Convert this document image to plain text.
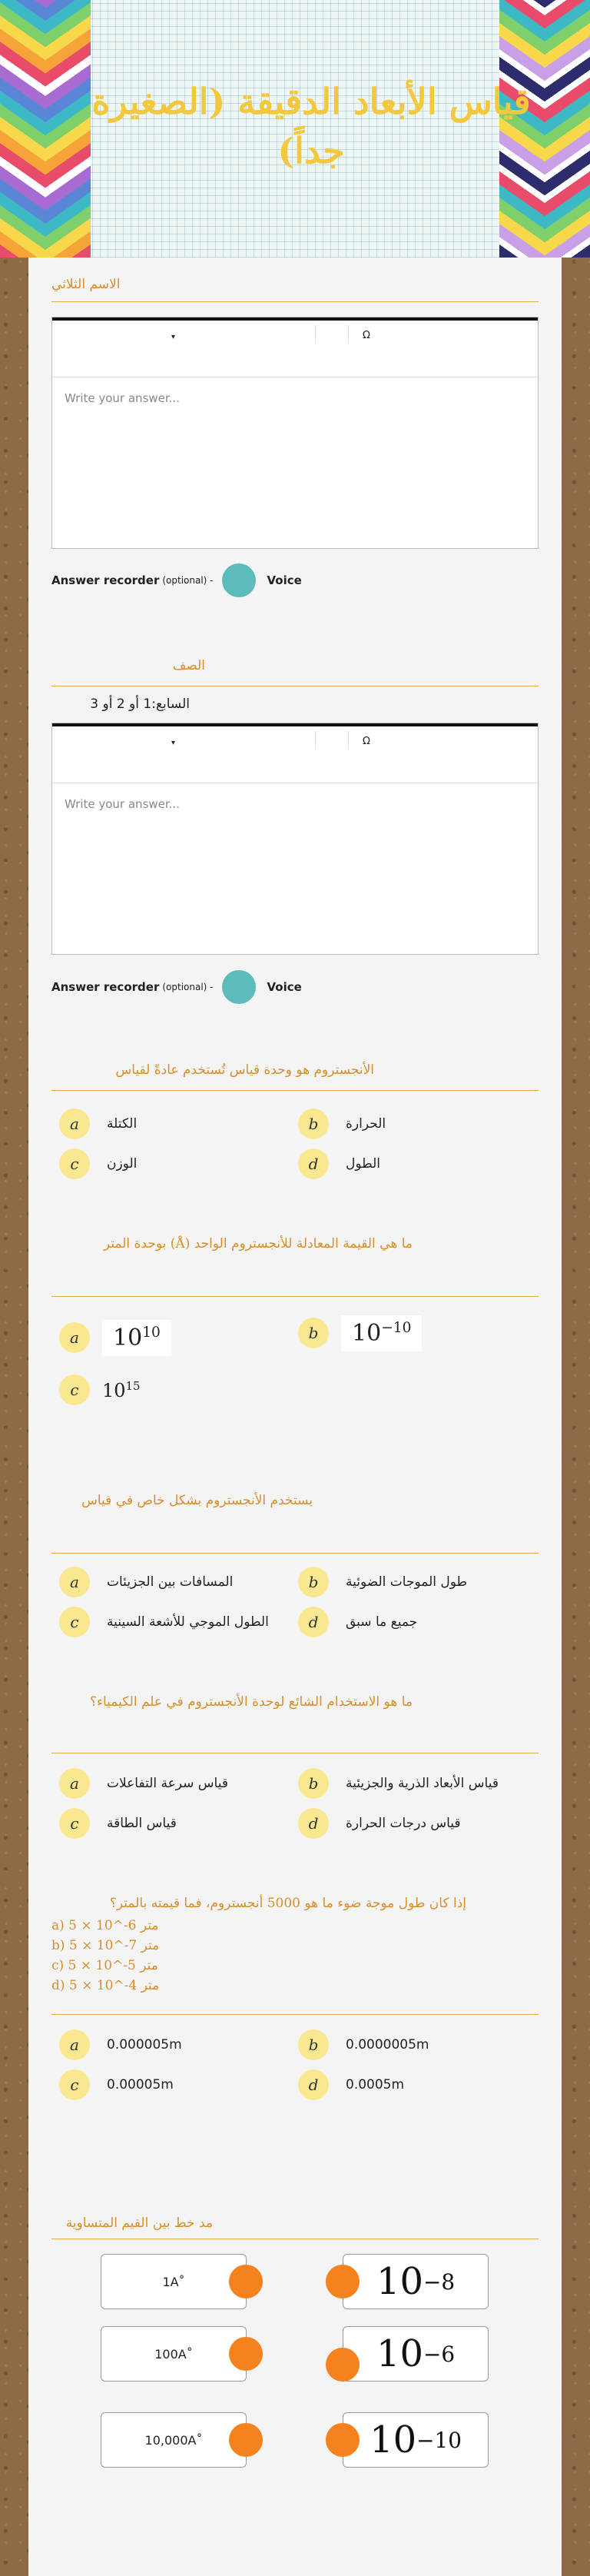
قياس الأبعاد الدقيقة (الصغيرة جداً)
الاسم الثلاثي
▾	Ω
Write your answer...
Answer recorder (optional) -	Voice
الصف
السابع:1 أو 2 أو 3
▾	Ω
Write your answer...
Answer recorder (optional) -	Voice
الأنجستروم هو وحدة قياس تُستخدم عادةً لقياس
a	الكتلة	b	الحرارة
c	الوزن	d	الطول
ما هي القيمة المعادلة للأنجستروم الواحد (Å) بوحدة المتر
a	$10^{10}$	b	$10^{-10}$
c	$10^{15}$
يستخدم الأنجستروم بشكل خاص في قياس
a	المسافات بين الجزيئات	b	طول الموجات الضوئية
c	الطول الموجي للأشعة السينية	d	جميع ما سبق
ما هو الاستخدام الشائع لوحدة الأنجستروم في علم الكيمياء؟
a	قياس سرعة التفاعلات	b	قياس الأبعاد الذرية والجزيئية
c	قياس الطاقة	d	قياس درجات الحرارة
إذا كان طول موجة ضوء ما هو 5000 أنجستروم، فما قيمته بالمتر؟
a) 5 × 10^-6 متر
b) 5 × 10^-7 متر
c) 5 × 10^-5 متر
d) 5 × 10^-4 متر
a	0.000005m	b	0.0000005m
c	0.00005m	d	0.0005m
مد خط بين القيم المتساوية
1A˚	10 −8
100A˚	10 −6
10,000A˚	10 −10
